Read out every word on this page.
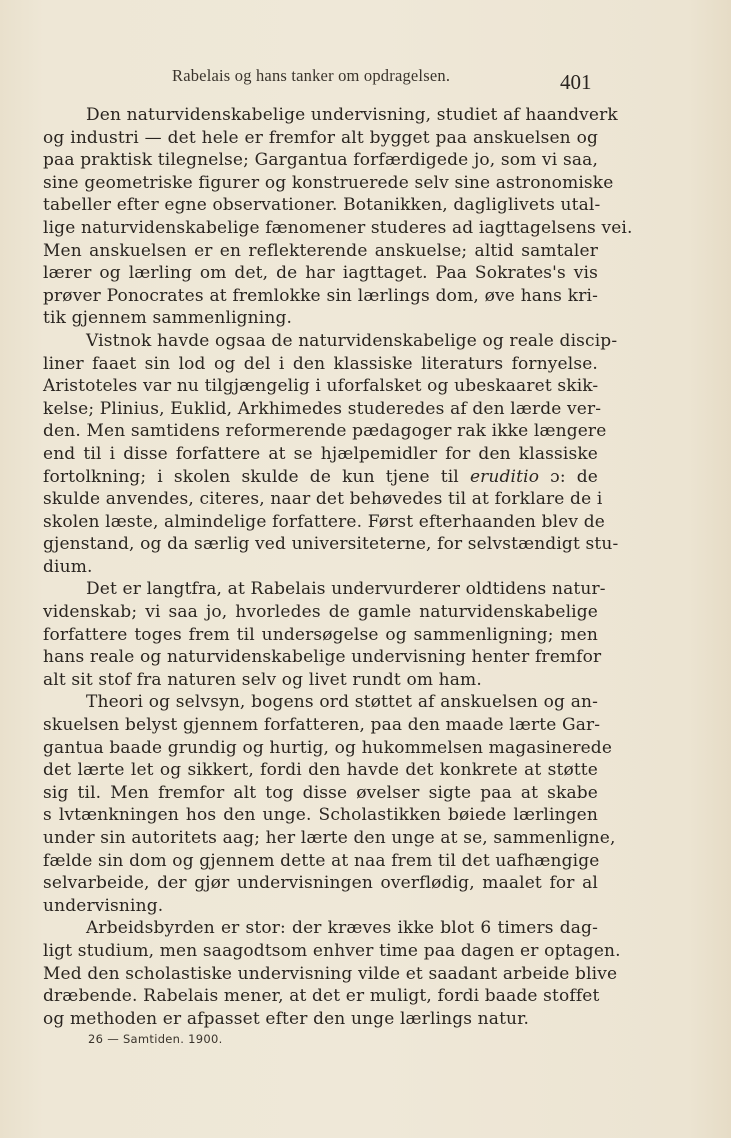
Rabelais og hans tanker om opdragelsen.	401
Den naturvidenskabelige undervisning, studiet af haandverk
og industri — det hele er fremfor alt bygget paa anskuelsen og
paa praktisk tilegnelse; Gargantua forfærdigede jo, som vi saa,
sine geometriske figurer og konstruerede selv sine astronomiske
tabeller efter egne observationer. Botanikken, dagliglivets utal-
lige naturvidenskabelige fænomener studeres ad iagttagelsens vei.
Men anskuelsen er en reflekterende anskuelse; altid samtaler
lærer og lærling om det, de har iagttaget. Paa Sokrates's vis
prøver Ponocrates at fremlokke sin lærlings dom, øve hans kri-
tik gjennem sammenligning.
Vistnok havde ogsaa de naturvidenskabelige og reale discip-
liner faaet sin lod og del i den klassiske literaturs fornyelse.
Aristoteles var nu tilgjængelig i uforfalsket og ubeskaaret skik-
kelse; Plinius, Euklid, Arkhimedes studeredes af den lærde ver-
den. Men samtidens reformerende pædagoger rak ikke længere
end til i disse forfattere at se hjælpemidler for den klassiske
fortolkning; i skolen skulde de kun tjene til eruditio ɔ: de
skulde anvendes, citeres, naar det behøvedes til at forklare de i
skolen læste, almindelige forfattere. Først efterhaanden blev de
gjenstand, og da særlig ved universiteterne, for selvstændigt stu-
dium.
Det er langtfra, at Rabelais undervurderer oldtidens natur-
videnskab; vi saa jo, hvorledes de gamle naturvidenskabelige
forfattere toges frem til undersøgelse og sammenligning; men
hans reale og naturvidenskabelige undervisning henter fremfor
alt sit stof fra naturen selv og livet rundt om ham.
Theori og selvsyn, bogens ord støttet af anskuelsen og an-
skuelsen belyst gjennem forfatteren, paa den maade lærte Gar-
gantua baade grundig og hurtig, og hukommelsen magasinerede
det lærte let og sikkert, fordi den havde det konkrete at støtte
sig til. Men fremfor alt tog disse øvelser sigte paa at skabe
s lvtænkningen hos den unge. Scholastikken bøiede lærlingen
under sin autoritets aag; her lærte den unge at se, sammenligne,
fælde sin dom og gjennem dette at naa frem til det uafhængige
selvarbeide, der gjør undervisningen overflødig, maalet for al
undervisning.
Arbeidsbyrden er stor: der kræves ikke blot 6 timers dag-
ligt studium, men saagodtsom enhver time paa dagen er optagen.
Med den scholastiske undervisning vilde et saadant arbeide blive
dræbende. Rabelais mener, at det er muligt, fordi baade stoffet
og methoden er afpasset efter den unge lærlings natur.
26 — Samtiden. 1900.
